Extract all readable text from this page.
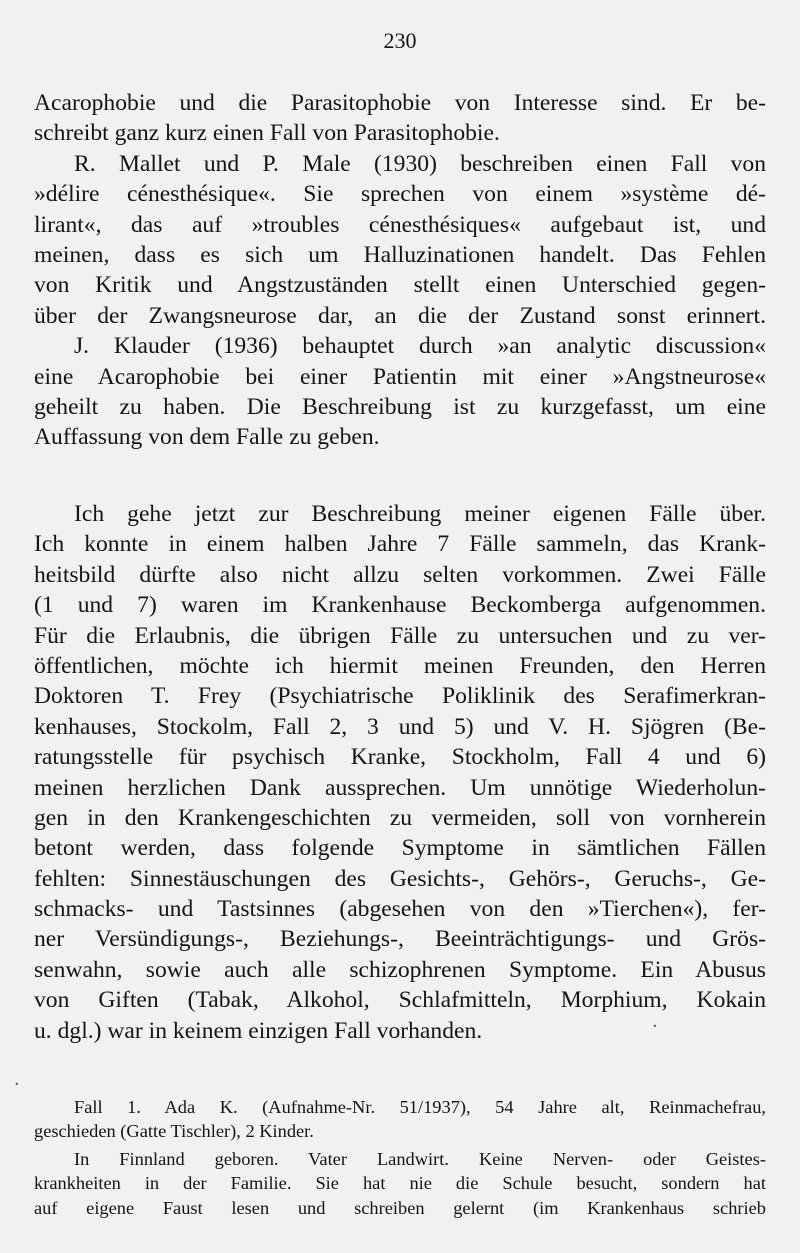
230
Acarophobie und die Parasitophobie von Interesse sind. Er be-
schreibt ganz kurz einen Fall von Parasitophobie.
R. Mallet und P. Male (1930) beschreiben einen Fall von
»délire cénesthésique«. Sie sprechen von einem »système dé-
lirant«, das auf »troubles cénesthésiques« aufgebaut ist, und
meinen, dass es sich um Halluzinationen handelt. Das Fehlen
von Kritik und Angstzuständen stellt einen Unterschied gegen-
über der Zwangsneurose dar, an die der Zustand sonst erinnert.
J. Klauder (1936) behauptet durch »an analytic discussion«
eine Acarophobie bei einer Patientin mit einer »Angstneurose«
geheilt zu haben. Die Beschreibung ist zu kurzgefasst, um eine
Auffassung von dem Falle zu geben.
Ich gehe jetzt zur Beschreibung meiner eigenen Fälle über.
Ich konnte in einem halben Jahre 7 Fälle sammeln, das Krank-
heitsbild dürfte also nicht allzu selten vorkommen. Zwei Fälle
(1 und 7) waren im Krankenhause Beckomberga aufgenommen.
Für die Erlaubnis, die übrigen Fälle zu untersuchen und zu ver-
öffentlichen, möchte ich hiermit meinen Freunden, den Herren
Doktoren T. Frey (Psychiatrische Poliklinik des Serafimerkran-
kenhauses, Stockolm, Fall 2, 3 und 5) und V. H. Sjögren (Be-
ratungsstelle für psychisch Kranke, Stockholm, Fall 4 und 6)
meinen herzlichen Dank aussprechen. Um unnötige Wiederholun-
gen in den Krankengeschichten zu vermeiden, soll von vornherein
betont werden, dass folgende Symptome in sämtlichen Fällen
fehlten: Sinnestäuschungen des Gesichts-, Gehörs-, Geruchs-, Ge-
schmacks- und Tastsinnes (abgesehen von den »Tierchen«), fer-
ner Versündigungs-, Beziehungs-, Beeinträchtigungs- und Grös-
senwahn, sowie auch alle schizophrenen Symptome. Ein Abusus
von Giften (Tabak, Alkohol, Schlafmitteln, Morphium, Kokain
u. dgl.) war in keinem einzigen Fall vorhanden.
Fall 1. Ada K. (Aufnahme-Nr. 51/1937), 54 Jahre alt, Reinmachefrau,
geschieden (Gatte Tischler), 2 Kinder.
In Finnland geboren. Vater Landwirt. Keine Nerven- oder Geistes-
krankheiten in der Familie. Sie hat nie die Schule besucht, sondern hat
auf eigene Faust lesen und schreiben gelernt (im Krankenhaus schrieb
·
·
